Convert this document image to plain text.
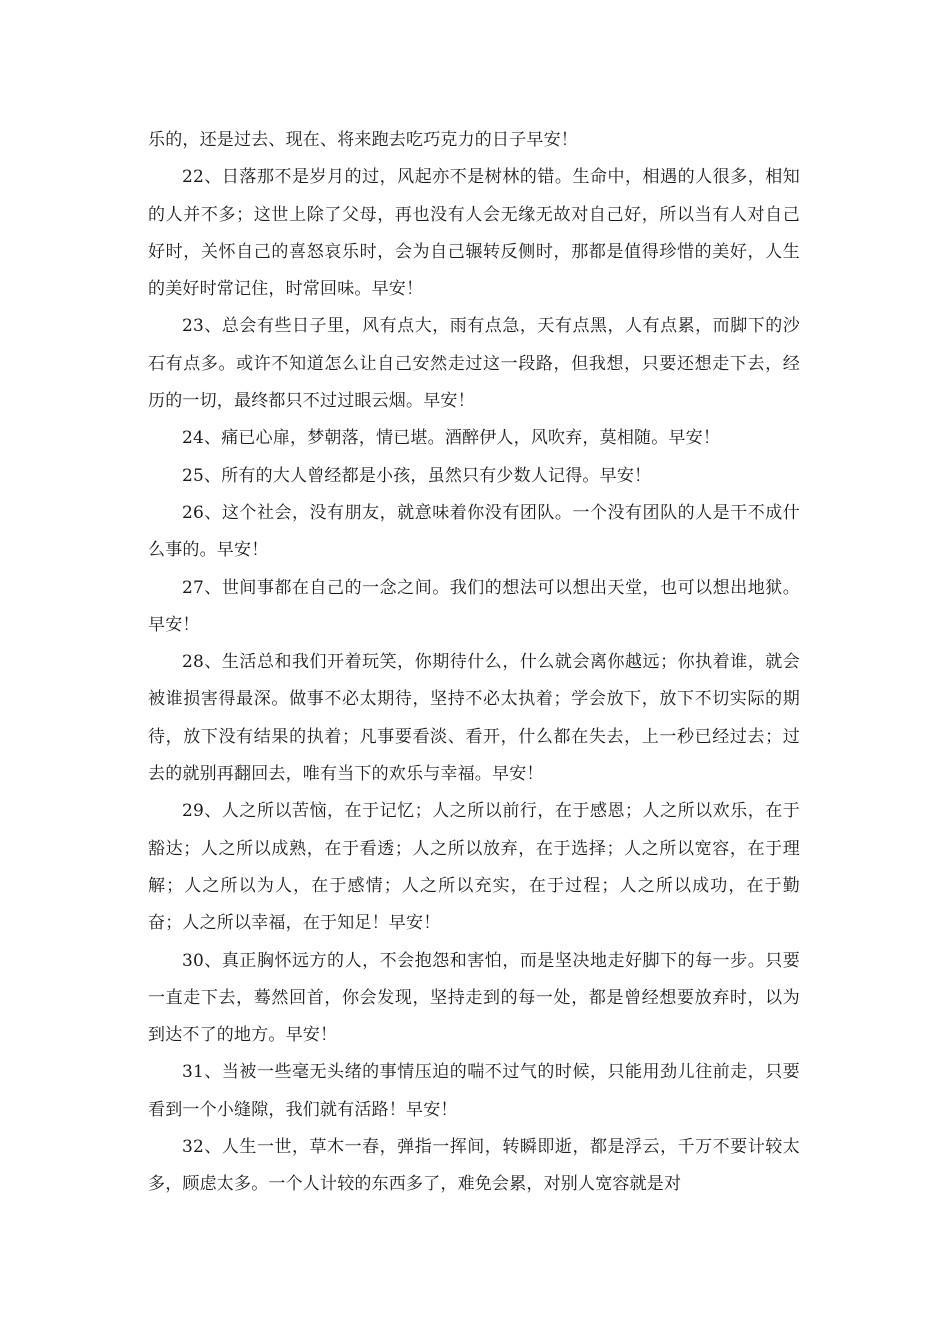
乐的，还是过去、现在、将来跑去吃巧克力的日子早安！

22、日落那不是岁月的过，风起亦不是树林的错。生命中，相遇的人很多，相知的人并不多；这世上除了父母，再也没有人会无缘无故对自己好，所以当有人对自己好时，关怀自己的喜怒哀乐时，会为自己辗转反侧时，那都是值得珍惜的美好，人生的美好时常记住，时常回味。早安！

23、总会有些日子里，风有点大，雨有点急，天有点黑，人有点累，而脚下的沙石有点多。或许不知道怎么让自己安然走过这一段路，但我想，只要还想走下去，经历的一切，最终都只不过过眼云烟。早安！

24、痛已心扉，梦朝落，情已堪。酒醉伊人，风吹弃，莫相随。早安！

25、所有的大人曾经都是小孩，虽然只有少数人记得。早安！

26、这个社会，没有朋友，就意味着你没有团队。一个没有团队的人是干不成什么事的。早安！

27、世间事都在自己的一念之间。我们的想法可以想出天堂，也可以想出地狱。早安！

28、生活总和我们开着玩笑，你期待什么，什么就会离你越远；你执着谁，就会被谁损害得最深。做事不必太期待，坚持不必太执着；学会放下，放下不切实际的期待，放下没有结果的执着；凡事要看淡、看开，什么都在失去，上一秒已经过去；过去的就别再翻回去，唯有当下的欢乐与幸福。早安！

29、人之所以苦恼，在于记忆；人之所以前行，在于感恩；人之所以欢乐，在于豁达；人之所以成熟，在于看透；人之所以放弃，在于选择；人之所以宽容，在于理解；人之所以为人，在于感情；人之所以充实，在于过程；人之所以成功，在于勤奋；人之所以幸福，在于知足！早安！

30、真正胸怀远方的人，不会抱怨和害怕，而是坚决地走好脚下的每一步。只要一直走下去，蓦然回首，你会发现，坚持走到的每一处，都是曾经想要放弃时，以为到达不了的地方。早安！

31、当被一些毫无头绪的事情压迫的喘不过气的时候，只能用劲儿往前走，只要看到一个小缝隙，我们就有活路！早安！

32、人生一世，草木一春，弹指一挥间，转瞬即逝，都是浮云，千万不要计较太多，顾虑太多。一个人计较的东西多了，难免会累，对别人宽容就是对
